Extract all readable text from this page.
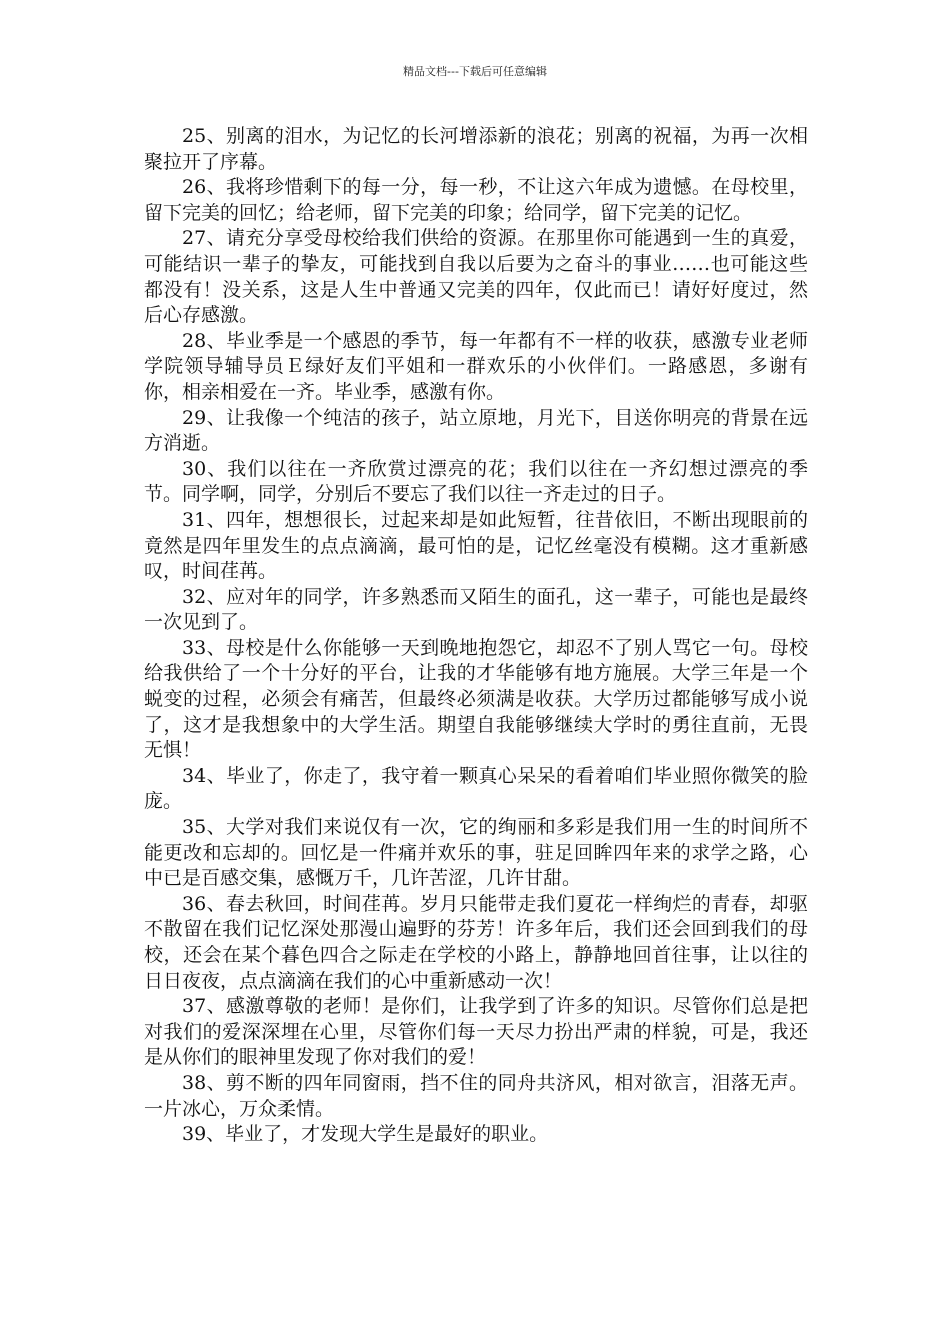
精品文档---下载后可任意编辑

25、别离的泪水，为记忆的长河增添新的浪花；别离的祝福，为再一次相聚拉开了序幕。

26、我将珍惜剩下的每一分，每一秒，不让这六年成为遗憾。在母校里，留下完美的回忆；给老师，留下完美的印象；给同学，留下完美的记忆。

27、请充分享受母校给我们供给的资源。在那里你可能遇到一生的真爱，可能结识一辈子的挚友，可能找到自我以后要为之奋斗的事业……也可能这些都没有！没关系，这是人生中普通又完美的四年，仅此而已！请好好度过，然后心存感激。

28、毕业季是一个感恩的季节，每一年都有不一样的收获，感激专业老师学院领导辅导员Ｅ绿好友们平姐和一群欢乐的小伙伴们。一路感恩，多谢有你，相亲相爱在一齐。毕业季，感激有你。

29、让我像一个纯洁的孩子，站立原地，月光下，目送你明亮的背景在远方消逝。

30、我们以往在一齐欣赏过漂亮的花；我们以往在一齐幻想过漂亮的季节。同学啊，同学，分别后不要忘了我们以往一齐走过的日子。

31、四年，想想很长，过起来却是如此短暂，往昔依旧，不断出现眼前的竟然是四年里发生的点点滴滴，最可怕的是，记忆丝毫没有模糊。这才重新感叹，时间荏苒。

32、应对年的同学，许多熟悉而又陌生的面孔，这一辈子，可能也是最终一次见到了。

33、母校是什么你能够一天到晚地抱怨它，却忍不了别人骂它一句。母校给我供给了一个十分好的平台，让我的才华能够有地方施展。大学三年是一个蜕变的过程，必须会有痛苦，但最终必须满是收获。大学历过都能够写成小说了，这才是我想象中的大学生活。期望自我能够继续大学时的勇往直前，无畏无惧！

34、毕业了，你走了，我守着一颗真心呆呆的看着咱们毕业照你微笑的脸庞。

35、大学对我们来说仅有一次，它的绚丽和多彩是我们用一生的时间所不能更改和忘却的。回忆是一件痛并欢乐的事，驻足回眸四年来的求学之路，心中已是百感交集，感慨万千，几许苦涩，几许甘甜。

36、春去秋回，时间荏苒。岁月只能带走我们夏花一样绚烂的青春，却驱不散留在我们记忆深处那漫山遍野的芬芳！许多年后，我们还会回到我们的母校，还会在某个暮色四合之际走在学校的小路上，静静地回首往事，让以往的日日夜夜，点点滴滴在我们的心中重新感动一次！

37、感激尊敬的老师！是你们，让我学到了许多的知识。尽管你们总是把对我们的爱深深埋在心里，尽管你们每一天尽力扮出严肃的样貌，可是，我还是从你们的眼神里发现了你对我们的爱！

38、剪不断的四年同窗雨，挡不住的同舟共济风，相对欲言，泪落无声。一片冰心，万众柔情。

39、毕业了，才发现大学生是最好的职业。
